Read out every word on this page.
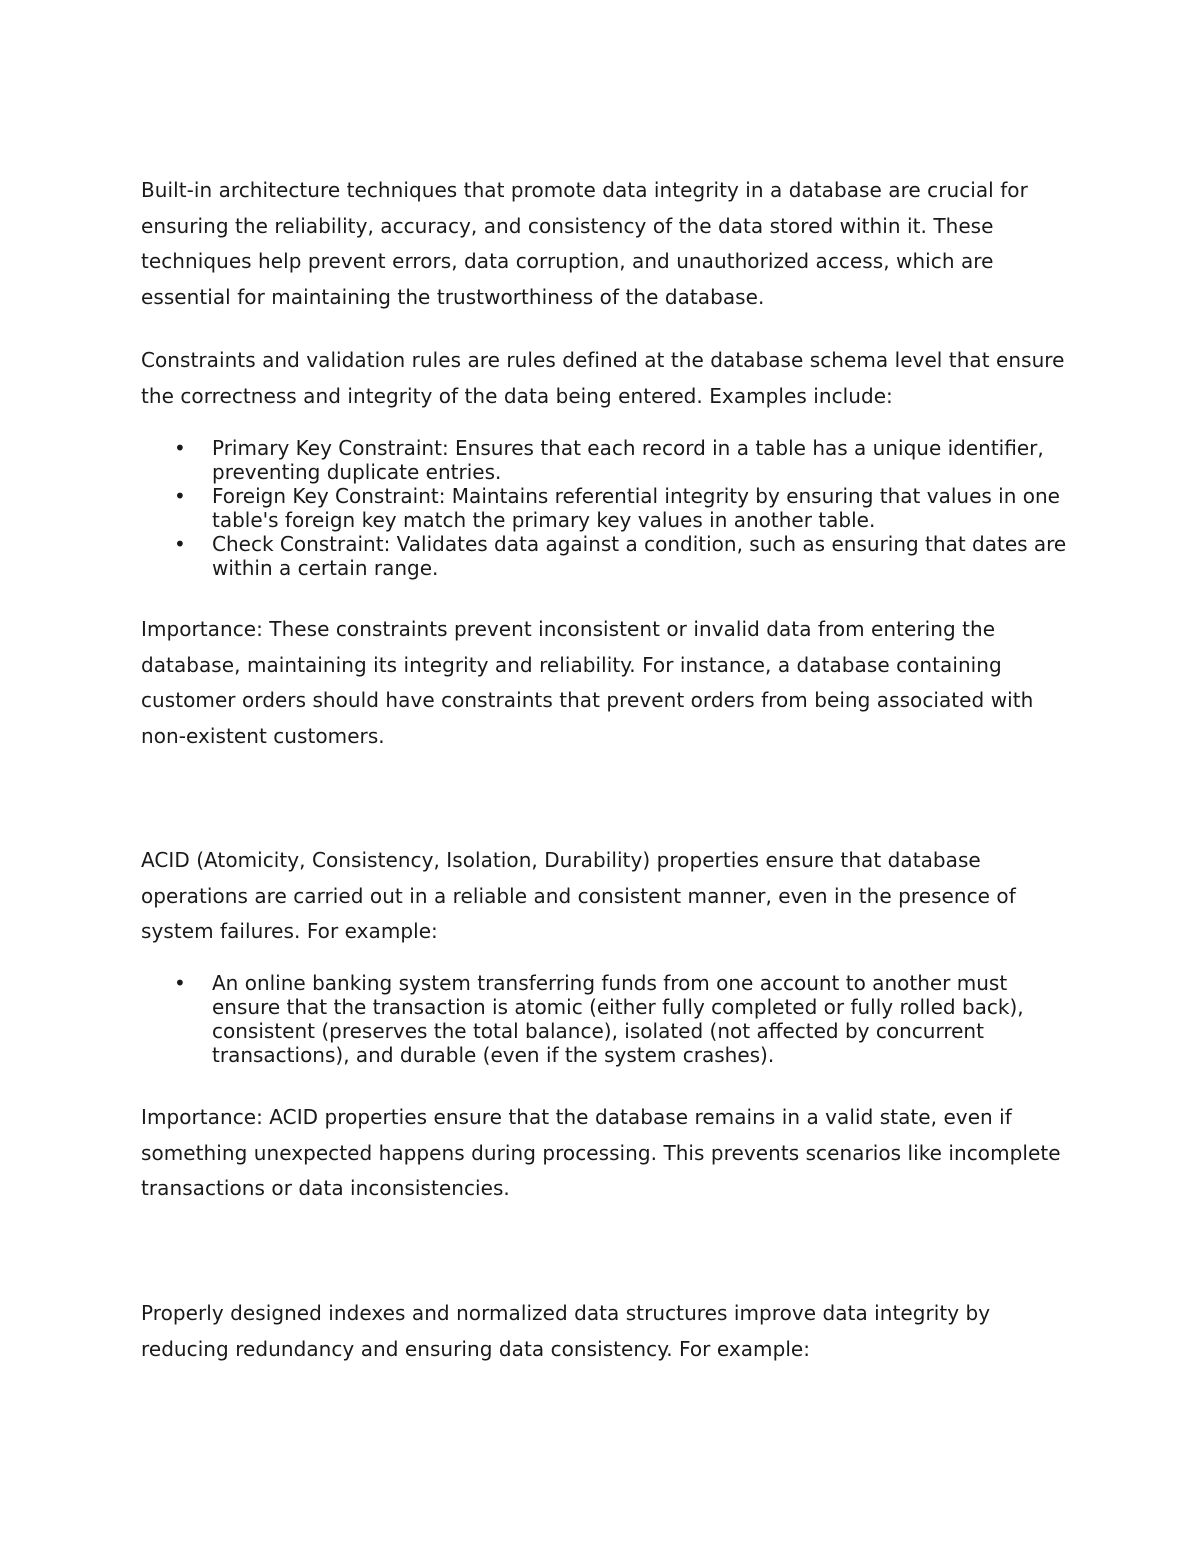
Built-in architecture techniques that promote data integrity in a database are crucial for ensuring the reliability, accuracy, and consistency of the data stored within it. These techniques help prevent errors, data corruption, and unauthorized access, which are essential for maintaining the trustworthiness of the database.

Constraints and validation rules are rules defined at the database schema level that ensure the correctness and integrity of the data being entered. Examples include:

• Primary Key Constraint: Ensures that each record in a table has a unique identifier, preventing duplicate entries.
• Foreign Key Constraint: Maintains referential integrity by ensuring that values in one table's foreign key match the primary key values in another table.
• Check Constraint: Validates data against a condition, such as ensuring that dates are within a certain range.

Importance: These constraints prevent inconsistent or invalid data from entering the database, maintaining its integrity and reliability. For instance, a database containing customer orders should have constraints that prevent orders from being associated with non-existent customers.

ACID (Atomicity, Consistency, Isolation, Durability) properties ensure that database operations are carried out in a reliable and consistent manner, even in the presence of system failures. For example:

• An online banking system transferring funds from one account to another must ensure that the transaction is atomic (either fully completed or fully rolled back), consistent (preserves the total balance), isolated (not affected by concurrent transactions), and durable (even if the system crashes).

Importance: ACID properties ensure that the database remains in a valid state, even if something unexpected happens during processing. This prevents scenarios like incomplete transactions or data inconsistencies.

Properly designed indexes and normalized data structures improve data integrity by reducing redundancy and ensuring data consistency. For example:
